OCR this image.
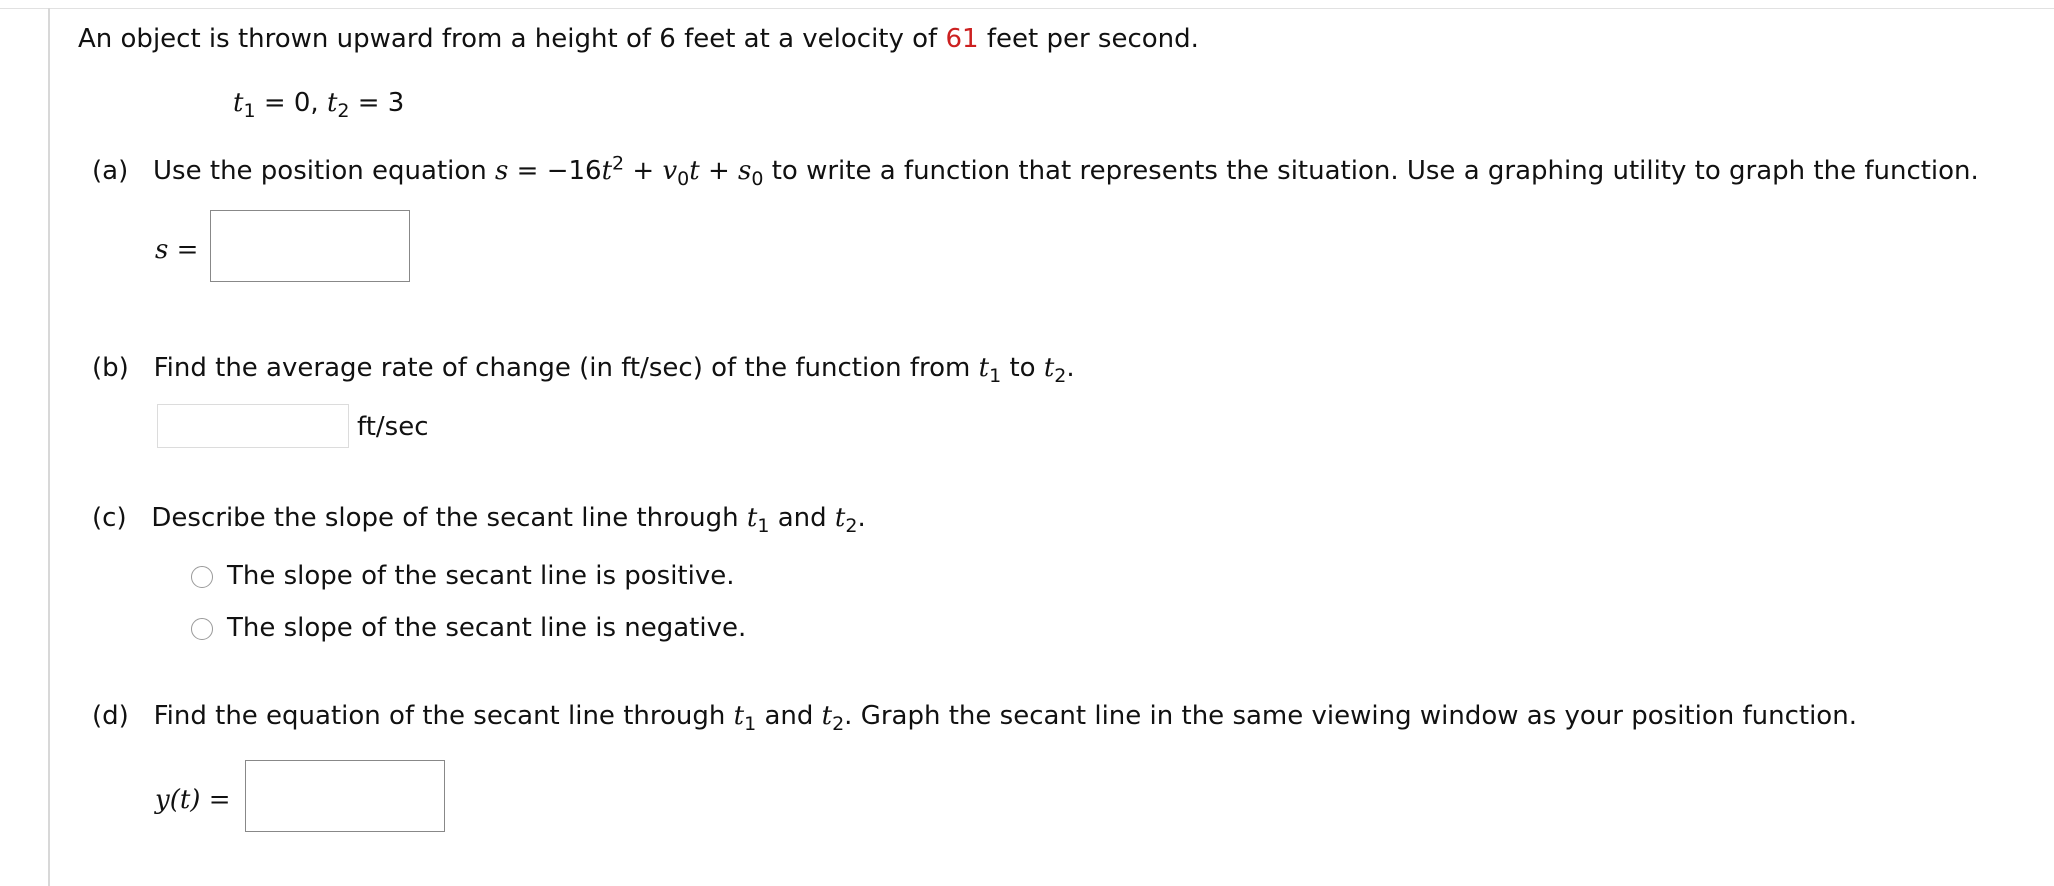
An object is thrown upward from a height of 6 feet at a velocity of 61 feet per second.
$t_1 = 0$, $t_2 = 3$
(a) Use the position equation $s = -16t^2 + v_0t + s_0$ to write a function that represents the situation. Use a graphing utility to graph the function.
s =
(b) Find the average rate of change (in ft/sec) of the function from $t_1$ to $t_2$.
ft/sec
(c) Describe the slope of the secant line through $t_1$ and $t_2$.
The slope of the secant line is positive.
The slope of the secant line is negative.
(d) Find the equation of the secant line through $t_1$ and $t_2$. Graph the secant line in the same viewing window as your position function.
y(t) =
